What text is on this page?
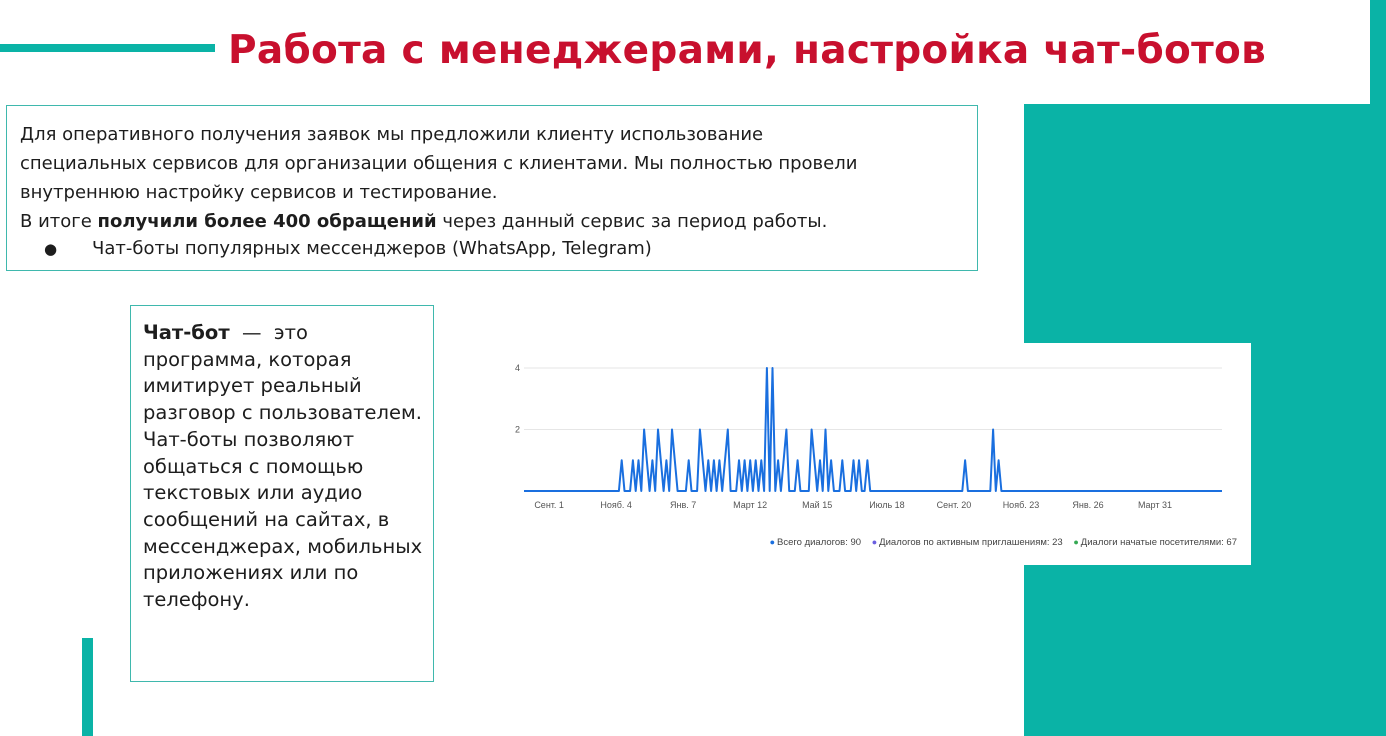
Работа с менеджерами, настройка чат-ботов

Для оперативного получения заявок мы предложили клиенту использование

специальных сервисов для организации общения с клиентами. Мы полностью провели

внутреннюю настройку сервисов и тестирование.

В итоге получили более 400 обращений через данный сервис за период работы.

●	Чат-боты популярных мессенджеров (WhatsApp, Telegram)

Чат-бот  —  это программа, которая имитирует реальный разговор с пользователем. Чат-боты позволяют общаться с помощью текстовых или аудио сообщений на сайтах, в мессенджерах, мобильных приложениях или по телефону.

2
4
Сент. 1	Нояб. 4	Янв. 7	Март 12	Май 15	Июль 18	Сент. 20	Нояб. 23	Янв. 26	Март 31
● Всего диалогов: 90 ● Диалогов по активным приглашениям: 23 ● Диалоги начатые посетителями: 67
